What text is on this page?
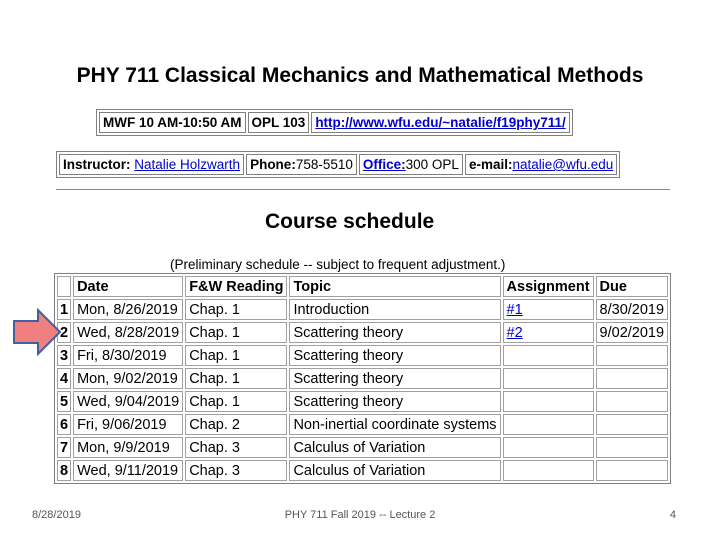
PHY 711 Classical Mechanics and Mathematical Methods
MWF 10 AM-10:50 AM	OPL 103	http://www.wfu.edu/~natalie/f19phy711/
Instructor: Natalie Holzwarth	Phone:758-5510	Office:300 OPL	e-mail:natalie@wfu.edu
Course schedule
(Preliminary schedule -- subject to frequent adjustment.)
	Date	F&W Reading	Topic	Assignment	Due
1	Mon, 8/26/2019	Chap. 1	Introduction	#1	8/30/2019
2	Wed, 8/28/2019	Chap. 1	Scattering theory	#2	9/02/2019
3	Fri, 8/30/2019	Chap. 1	Scattering theory		
4	Mon, 9/02/2019	Chap. 1	Scattering theory		
5	Wed, 9/04/2019	Chap. 1	Scattering theory		
6	Fri, 9/06/2019	Chap. 2	Non-inertial coordinate systems		
7	Mon, 9/9/2019	Chap. 3	Calculus of Variation		
8	Wed, 9/11/2019	Chap. 3	Calculus of Variation		
8/28/2019	PHY 711 Fall 2019 -- Lecture 2	4
